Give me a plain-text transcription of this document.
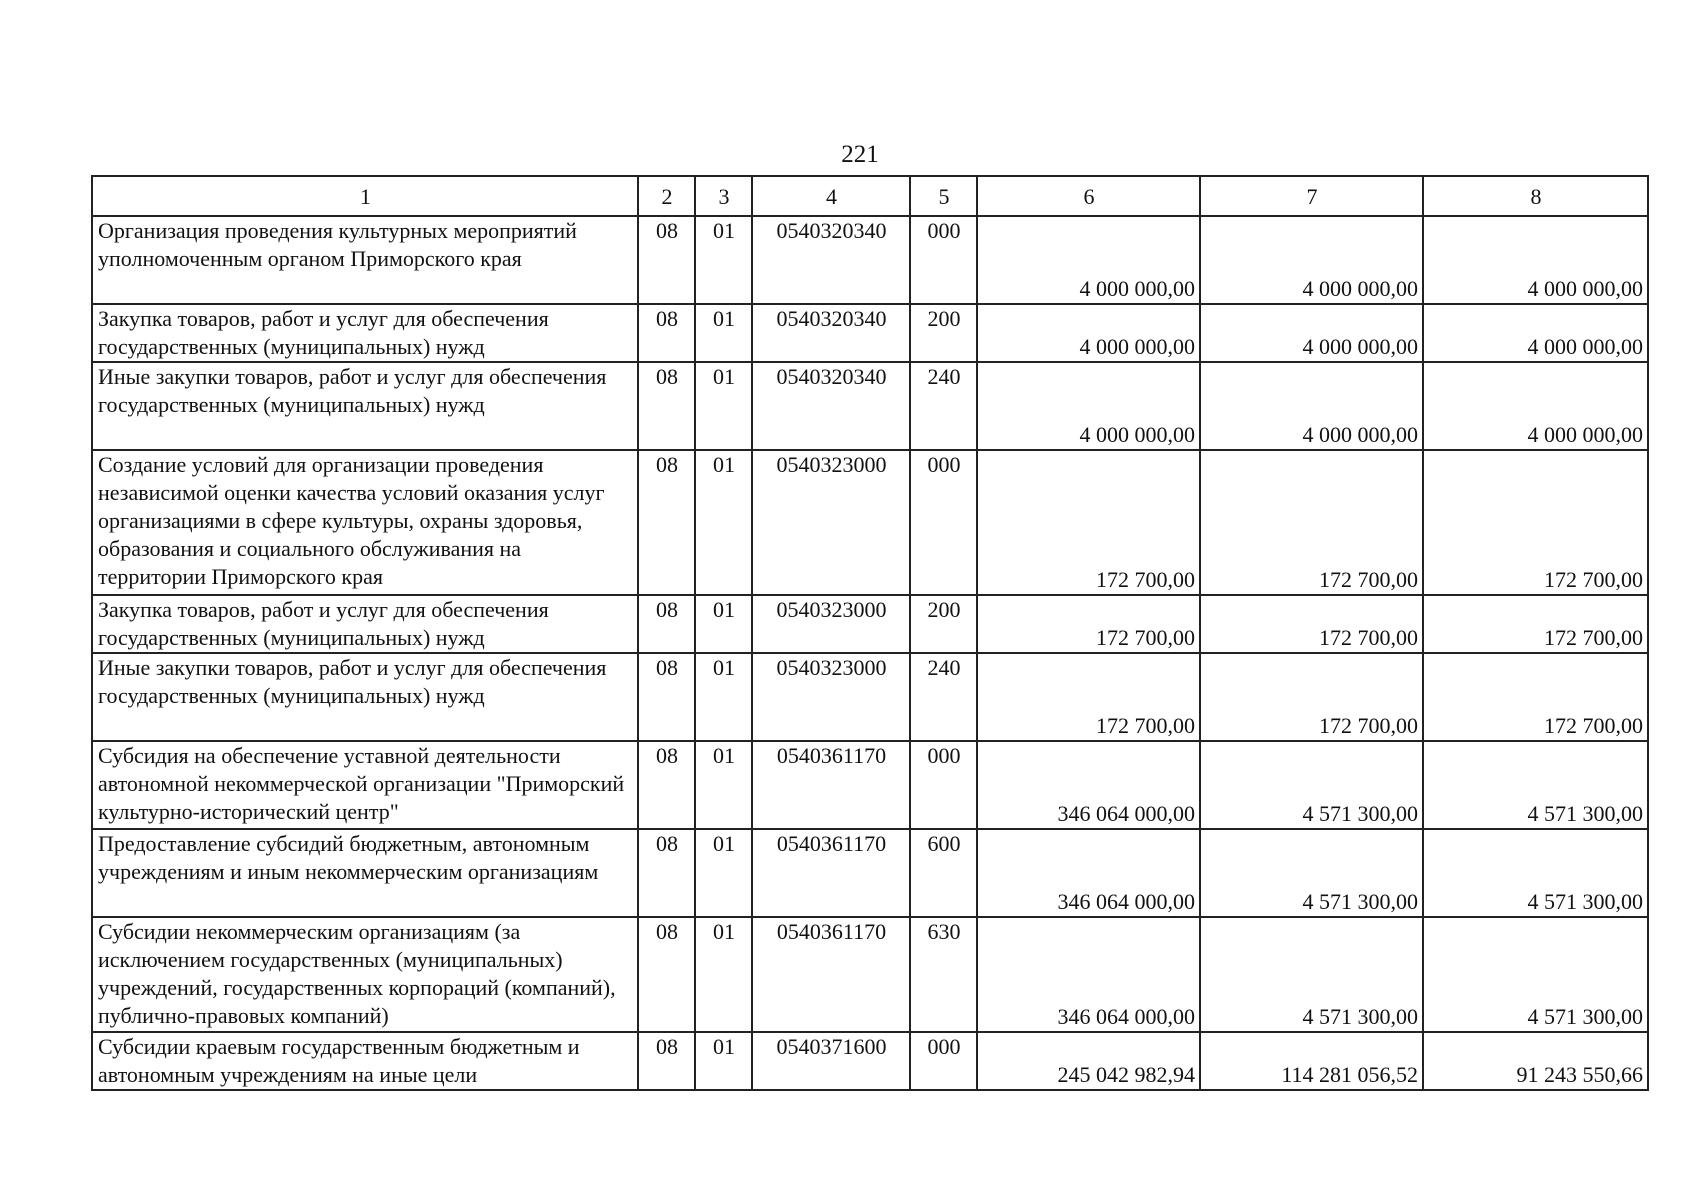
221
1	2	3	4	5	6	7	8
Организация проведения культурных мероприятий уполномоченным органом Приморского края	08	01	0540320340	000	4 000 000,00	4 000 000,00	4 000 000,00
Закупка товаров, работ и услуг для обеспечения государственных (муниципальных) нужд	08	01	0540320340	200	4 000 000,00	4 000 000,00	4 000 000,00
Иные закупки товаров, работ и услуг для обеспечения государственных (муниципальных) нужд	08	01	0540320340	240	4 000 000,00	4 000 000,00	4 000 000,00
Создание условий для организации проведения независимой оценки качества условий оказания услуг организациями в сфере культуры, охраны здоровья, образования и социального обслуживания на территории Приморского края	08	01	0540323000	000	172 700,00	172 700,00	172 700,00
Закупка товаров, работ и услуг для обеспечения государственных (муниципальных) нужд	08	01	0540323000	200	172 700,00	172 700,00	172 700,00
Иные закупки товаров, работ и услуг для обеспечения государственных (муниципальных) нужд	08	01	0540323000	240	172 700,00	172 700,00	172 700,00
Субсидия на обеспечение уставной деятельности автономной некоммерческой организации "Приморский культурно-исторический центр"	08	01	0540361170	000	346 064 000,00	4 571 300,00	4 571 300,00
Предоставление субсидий бюджетным, автономным учреждениям и иным некоммерческим организациям	08	01	0540361170	600	346 064 000,00	4 571 300,00	4 571 300,00
Субсидии некоммерческим организациям (за исключением государственных (муниципальных) учреждений, государственных корпораций (компаний), публично-правовых компаний)	08	01	0540361170	630	346 064 000,00	4 571 300,00	4 571 300,00
Субсидии краевым государственным бюджетным и автономным учреждениям на иные цели	08	01	0540371600	000	245 042 982,94	114 281 056,52	91 243 550,66
